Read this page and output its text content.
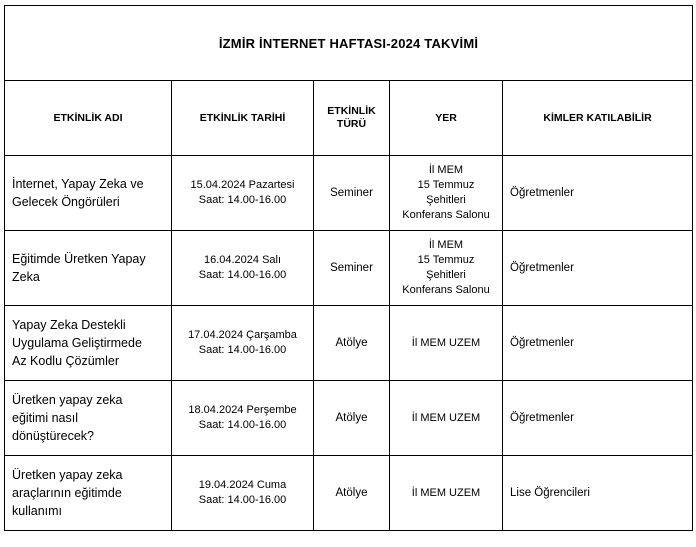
İZMİR İNTERNET HAFTASI-2024 TAKVİMİ				
ETKİNLİK ADI	ETKİNLİK TARİHİ	ETKİNLİK
TÜRÜ	YER	KİMLER KATILABİLİR

İnternet, Yapay Zeka ve
Gelecek Öngörüleri	15.04.2024 Pazartesi
Saat: 14.00-16.00	Seminer	İl MEM
15 Temmuz
Şehitleri
Konferans Salonu	Öğretmenler

Eğitimde Üretken Yapay
Zeka	16.04.2024 Salı
Saat: 14.00-16.00	Seminer	İl MEM
15 Temmuz
Şehitleri
Konferans Salonu	Öğretmenler

Yapay Zeka Destekli
Uygulama Geliştirmede
Az Kodlu Çözümler	17.04.2024 Çarşamba
Saat: 14.00-16.00	Atölye	İl MEM UZEM	Öğretmenler

Üretken yapay zeka
eğitimi nasıl
dönüştürecek?	18.04.2024 Perşembe
Saat: 14.00-16.00	Atölye	İl MEM UZEM	Öğretmenler

Üretken yapay zeka
araçlarının eğitimde
kullanımı	19.04.2024 Cuma
Saat: 14.00-16.00	Atölye	İl MEM UZEM	Lise Öğrencileri
